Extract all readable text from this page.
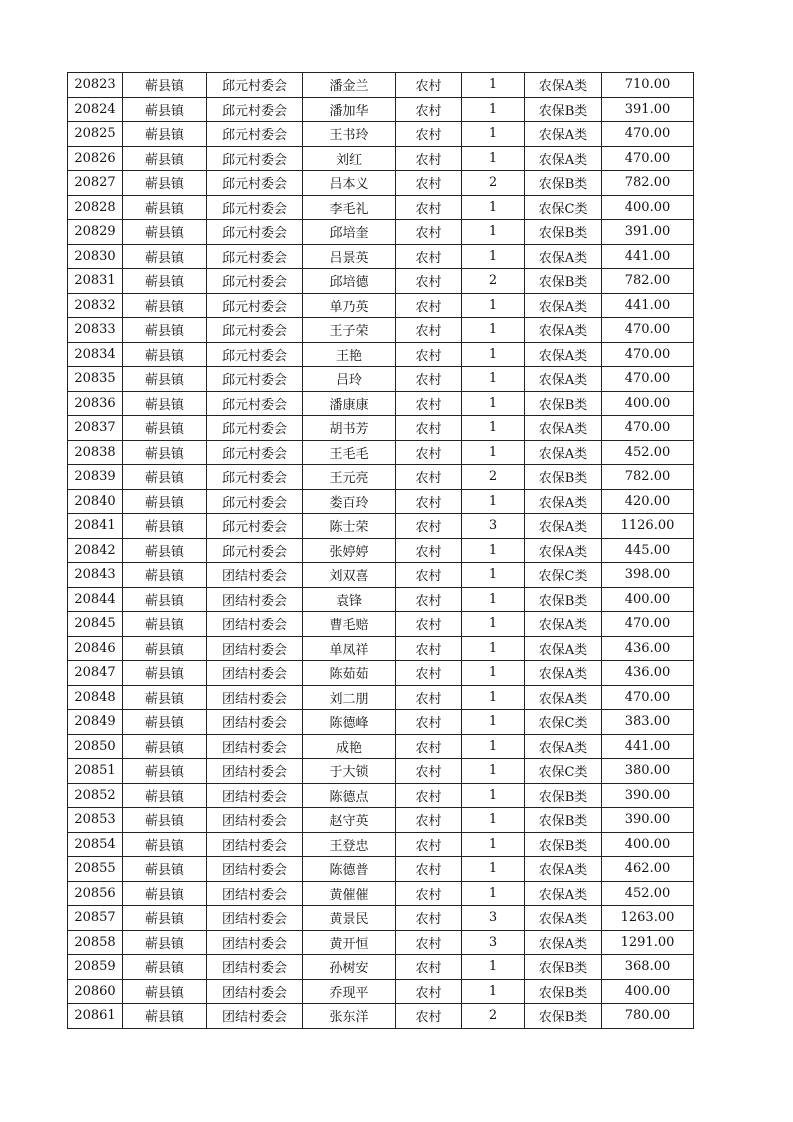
20823	蕲县镇	邱元村委会	潘金兰	农村	1	农保A类	710.00
20824	蕲县镇	邱元村委会	潘加华	农村	1	农保B类	391.00
20825	蕲县镇	邱元村委会	王书玲	农村	1	农保A类	470.00
20826	蕲县镇	邱元村委会	刘红	农村	1	农保A类	470.00
20827	蕲县镇	邱元村委会	吕本义	农村	2	农保B类	782.00
20828	蕲县镇	邱元村委会	李毛礼	农村	1	农保C类	400.00
20829	蕲县镇	邱元村委会	邱培奎	农村	1	农保B类	391.00
20830	蕲县镇	邱元村委会	吕景英	农村	1	农保A类	441.00
20831	蕲县镇	邱元村委会	邱培德	农村	2	农保B类	782.00
20832	蕲县镇	邱元村委会	单乃英	农村	1	农保A类	441.00
20833	蕲县镇	邱元村委会	王子荣	农村	1	农保A类	470.00
20834	蕲县镇	邱元村委会	王艳	农村	1	农保A类	470.00
20835	蕲县镇	邱元村委会	吕玲	农村	1	农保A类	470.00
20836	蕲县镇	邱元村委会	潘康康	农村	1	农保B类	400.00
20837	蕲县镇	邱元村委会	胡书芳	农村	1	农保A类	470.00
20838	蕲县镇	邱元村委会	王毛毛	农村	1	农保A类	452.00
20839	蕲县镇	邱元村委会	王元亮	农村	2	农保B类	782.00
20840	蕲县镇	邱元村委会	娄百玲	农村	1	农保A类	420.00
20841	蕲县镇	邱元村委会	陈士荣	农村	3	农保A类	1126.00
20842	蕲县镇	邱元村委会	张婷婷	农村	1	农保A类	445.00
20843	蕲县镇	团结村委会	刘双喜	农村	1	农保C类	398.00
20844	蕲县镇	团结村委会	袁锋	农村	1	农保B类	400.00
20845	蕲县镇	团结村委会	曹毛赔	农村	1	农保A类	470.00
20846	蕲县镇	团结村委会	单凤祥	农村	1	农保A类	436.00
20847	蕲县镇	团结村委会	陈茹茹	农村	1	农保A类	436.00
20848	蕲县镇	团结村委会	刘二朋	农村	1	农保A类	470.00
20849	蕲县镇	团结村委会	陈德峰	农村	1	农保C类	383.00
20850	蕲县镇	团结村委会	成艳	农村	1	农保A类	441.00
20851	蕲县镇	团结村委会	于大锁	农村	1	农保C类	380.00
20852	蕲县镇	团结村委会	陈德点	农村	1	农保B类	390.00
20853	蕲县镇	团结村委会	赵守英	农村	1	农保B类	390.00
20854	蕲县镇	团结村委会	王登忠	农村	1	农保B类	400.00
20855	蕲县镇	团结村委会	陈德普	农村	1	农保A类	462.00
20856	蕲县镇	团结村委会	黄催催	农村	1	农保A类	452.00
20857	蕲县镇	团结村委会	黄景民	农村	3	农保A类	1263.00
20858	蕲县镇	团结村委会	黄开恒	农村	3	农保A类	1291.00
20859	蕲县镇	团结村委会	孙树安	农村	1	农保B类	368.00
20860	蕲县镇	团结村委会	乔现平	农村	1	农保B类	400.00
20861	蕲县镇	团结村委会	张东洋	农村	2	农保B类	780.00
